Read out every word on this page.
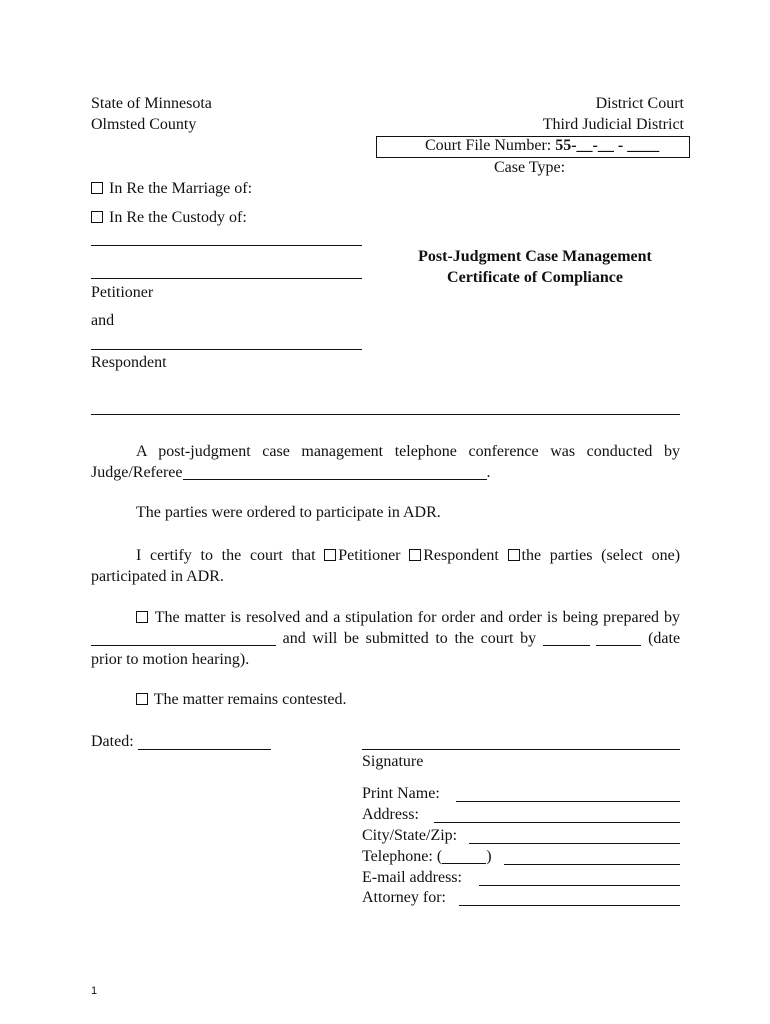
State of Minnesota
Olmsted County
District Court
Third Judicial District
Court File Number: 55-__-__ - ____
Case Type:
In Re the Marriage of:
In Re the Custody of:
Petitioner
and
Respondent
Post-Judgment Case Management
Certificate of Compliance
A post-judgment case management telephone conference was conducted by Judge/Referee	.
The parties were ordered to participate in ADR.
I certify to the court that Petitioner Respondent the parties (select one) participated in ADR.
The matter is resolved and a stipulation for order and order is being prepared by  and will be submitted to the court by	(date prior to motion hearing).
The matter remains contested.
Dated:
Signature
Print Name:
Address:
City/State/Zip:
Telephone: (	)
E-mail address:
Attorney for:
1
